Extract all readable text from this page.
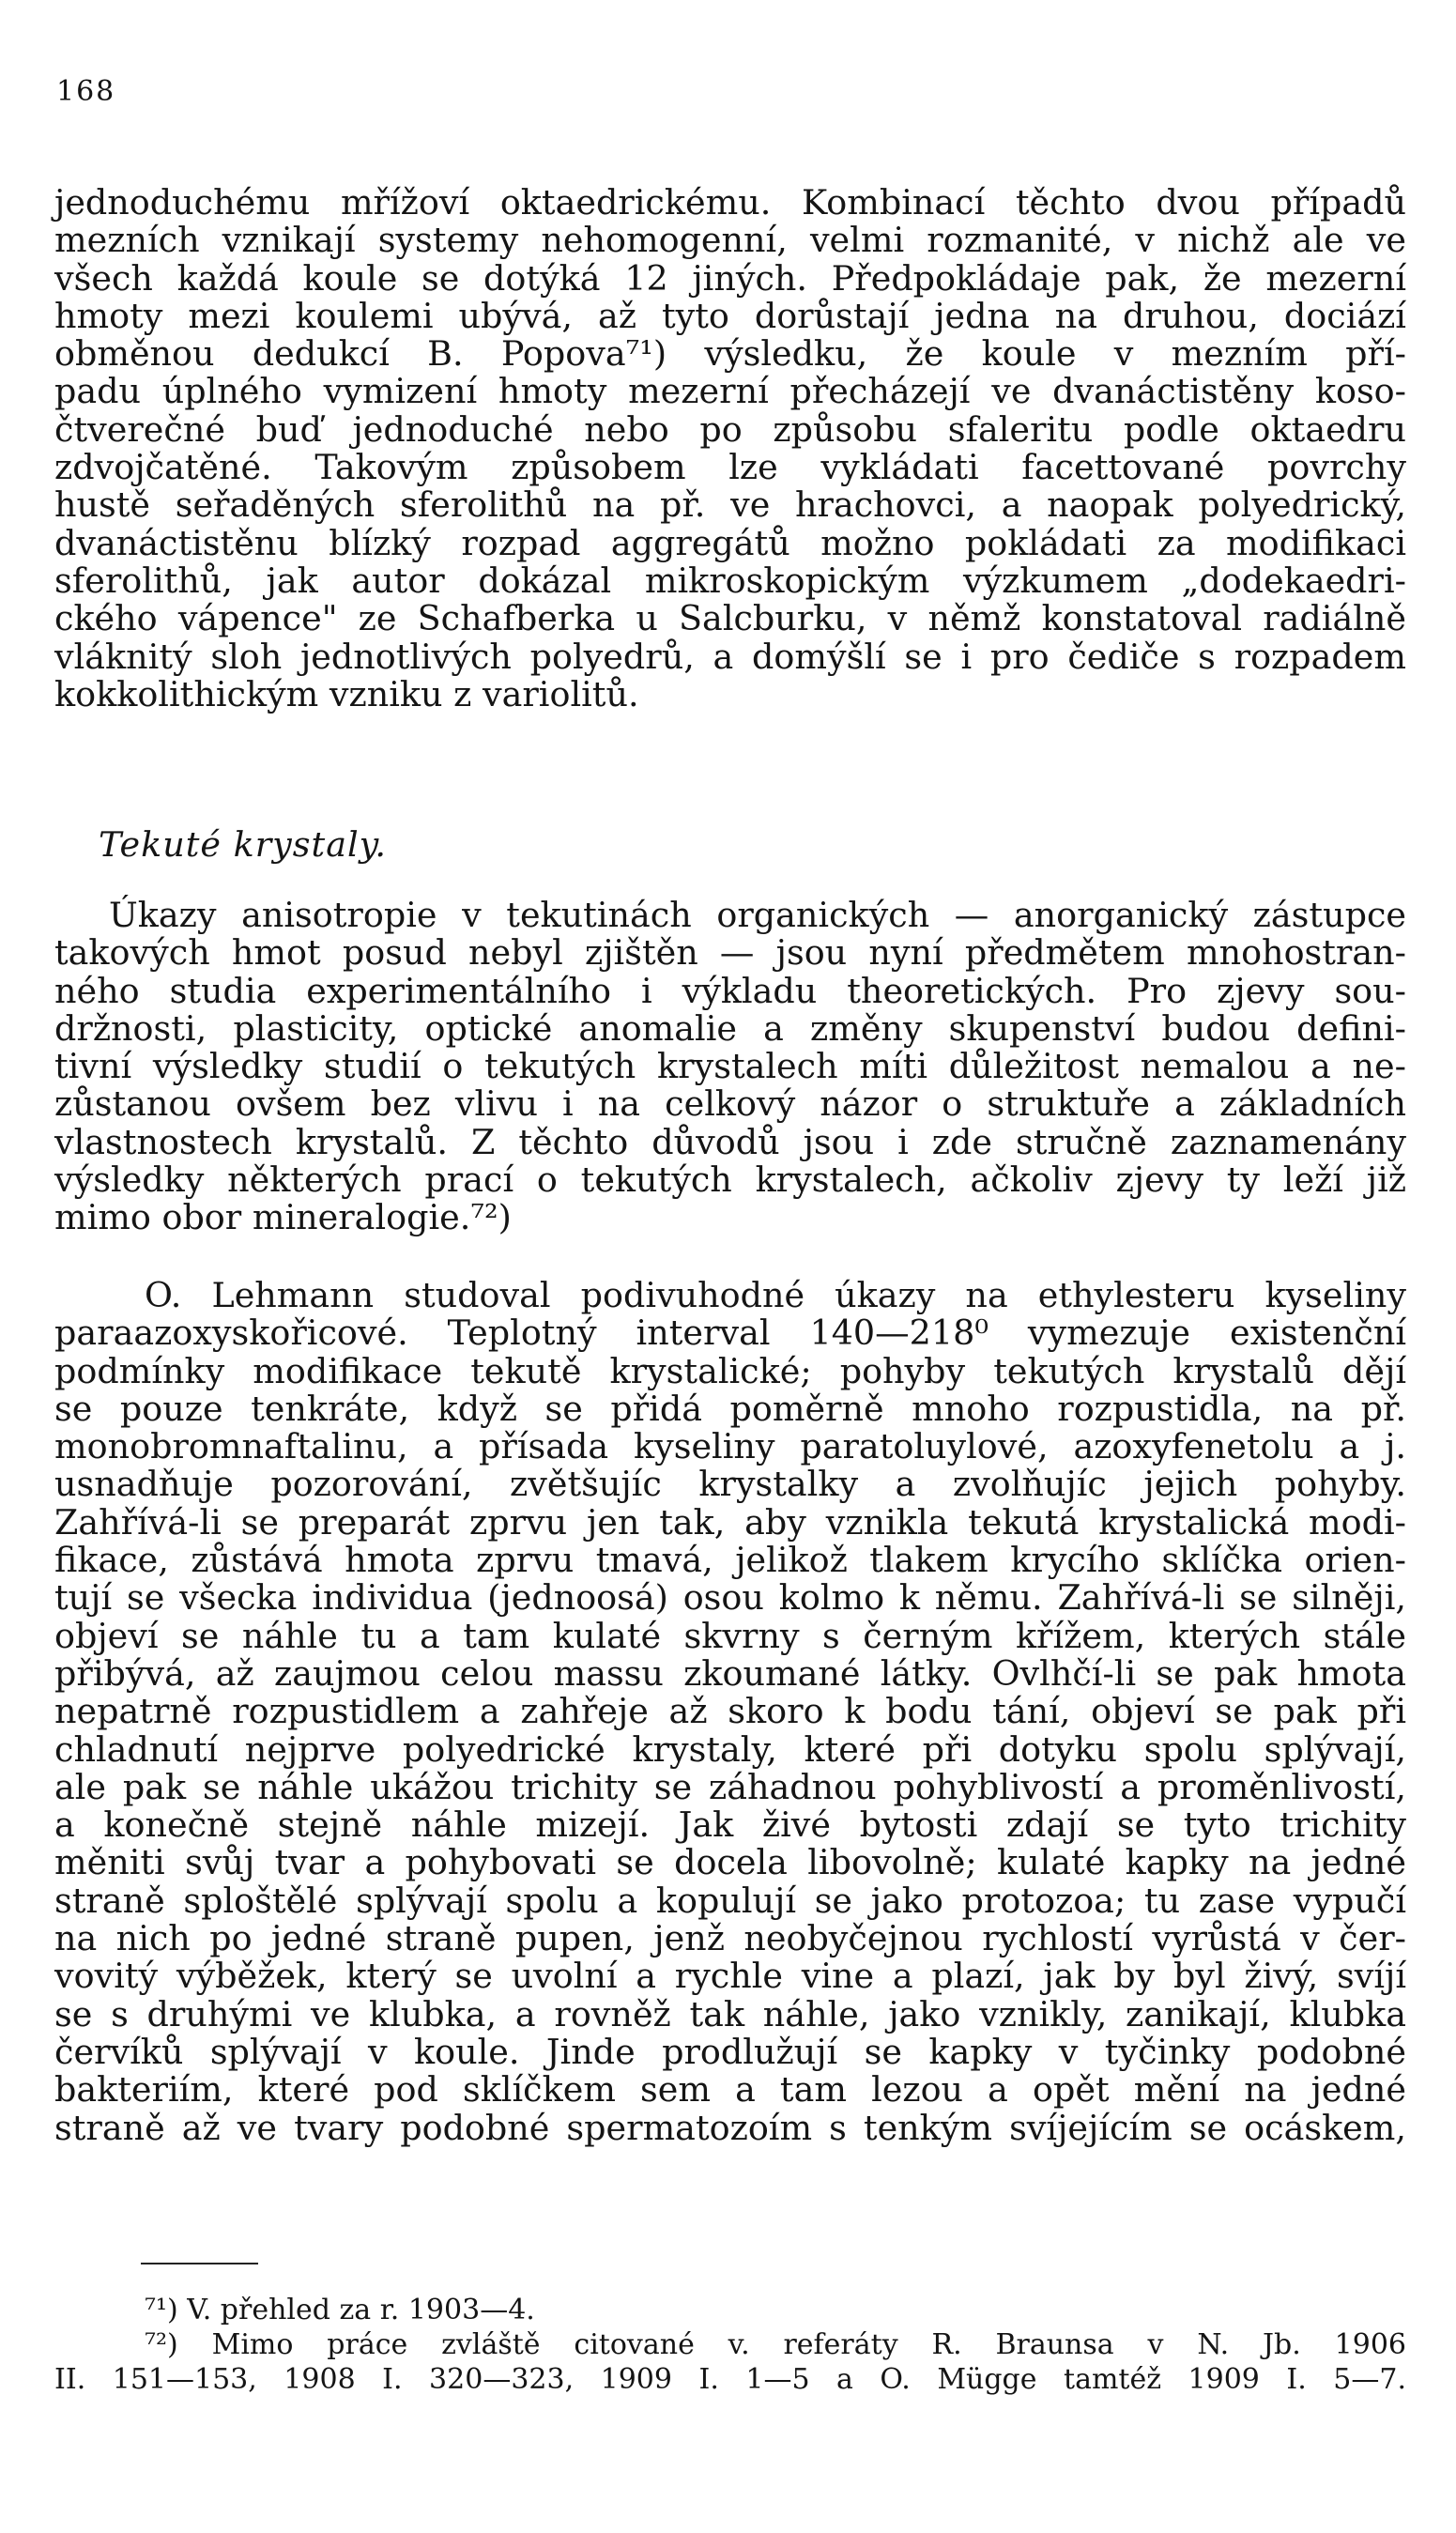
168
jednoduchému mřížoví oktaedrickému. Kombinací těchto dvou případů
mezních vznikají systemy nehomogenní, velmi rozmanité, v nichž ale ve
všech každá koule se dotýká 12 jiných. Předpokládaje pak, že mezerní
hmoty mezi koulemi ubývá, až tyto dorůstají jedna na druhou, dociází
obměnou dedukcí B. Popova⁷¹) výsledku, že koule v mezním pří-
padu úplného vymizení hmoty mezerní přecházejí ve dvanáctistěny koso-
čtverečné buď jednoduché nebo po způsobu sfaleritu podle oktaedru
zdvojčatěné. Takovým způsobem lze vykládati facettované povrchy
hustě seřaděných sferolithů na př. ve hrachovci, a naopak polyedrický,
dvanáctistěnu blízký rozpad aggregátů možno pokládati za modifikaci
sferolithů, jak autor dokázal mikroskopickým výzkumem „dodekaedri-
ckého vápence" ze Schafberka u Salcburku, v němž konstatoval radiálně
vláknitý sloh jednotlivých polyedrů, a domýšlí se i pro čediče s rozpadem
kokkolithickým vzniku z variolitů.
Tekuté krystaly.
Úkazy anisotropie v tekutinách organických — anorganický zástupce
takových hmot posud nebyl zjištěn — jsou nyní předmětem mnohostran-
ného studia experimentálního i výkladu theoretických. Pro zjevy sou-
držnosti, plasticity, optické anomalie a změny skupenství budou defini-
tivní výsledky studií o tekutých krystalech míti důležitost nemalou a ne-
zůstanou ovšem bez vlivu i na celkový názor o struktuře a základních
vlastnostech krystalů. Z těchto důvodů jsou i zde stručně zaznamenány
výsledky některých prací o tekutých krystalech, ačkoliv zjevy ty leží již
mimo obor mineralogie.⁷²)
O. Lehmann studoval podivuhodné úkazy na ethylesteru kyseliny
paraazoxyskořicové. Teplotný interval 140—218⁰ vymezuje existenční
podmínky modifikace tekutě krystalické; pohyby tekutých krystalů dějí
se pouze tenkráte, když se přidá poměrně mnoho rozpustidla, na př.
monobromnaftalinu, a přísada kyseliny paratoluylové, azoxyfenetolu a j.
usnadňuje pozorování, zvětšujíc krystalky a zvolňujíc jejich pohyby.
Zahřívá-li se preparát zprvu jen tak, aby vznikla tekutá krystalická modi-
fikace, zůstává hmota zprvu tmavá, jelikož tlakem krycího sklíčka orien-
tují se všecka individua (jednoosá) osou kolmo k němu. Zahřívá-li se silněji,
objeví se náhle tu a tam kulaté skvrny s černým křížem, kterých stále
přibývá, až zaujmou celou massu zkoumané látky. Ovlhčí-li se pak hmota
nepatrně rozpustidlem a zahřeje až skoro k bodu tání, objeví se pak při
chladnutí nejprve polyedrické krystaly, které při dotyku spolu splývají,
ale pak se náhle ukážou trichity se záhadnou pohyblivostí a proměnlivostí,
a konečně stejně náhle mizejí. Jak živé bytosti zdají se tyto trichity
měniti svůj tvar a pohybovati se docela libovolně; kulaté kapky na jedné
straně sploštělé splývají spolu a kopulují se jako protozoa; tu zase vypučí
na nich po jedné straně pupen, jenž neobyčejnou rychlostí vyrůstá v čer-
vovitý výběžek, který se uvolní a rychle vine a plazí, jak by byl živý, svíjí
se s druhými ve klubka, a rovněž tak náhle, jako vznikly, zanikají, klubka
červíků splývají v koule. Jinde prodlužují se kapky v tyčinky podobné
bakteriím, které pod sklíčkem sem a tam lezou a opět mění na jedné
straně až ve tvary podobné spermatozoím s tenkým svíjejícím se ocáskem,
⁷¹) V. přehled za r. 1903—4.
⁷²) Mimo práce zvláště citované v. referáty R. Braunsa v N. Jb. 1906
II. 151—153, 1908 I. 320—323, 1909 I. 1—5 a O. Mügge tamtéž 1909 I. 5—7.
